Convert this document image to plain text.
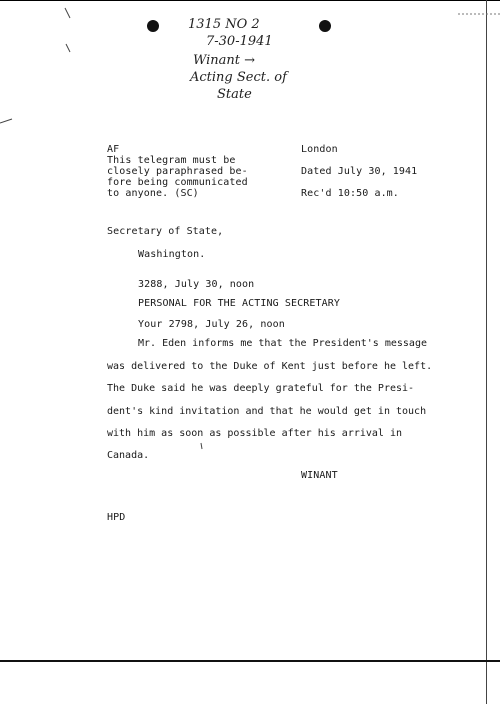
1315 NO 2
7-30-1941
Winant →
Acting Sect. of
State
AF
This telegram must be
closely paraphrased be-
fore being communicated
to anyone. (SC)
London
Dated July 30, 1941
Rec'd 10:50 a.m.
Secretary of State,
Washington.
3288, July 30, noon
PERSONAL FOR THE ACTING SECRETARY
Your 2798, July 26, noon
Mr. Eden informs me that the President's message
was delivered to the Duke of Kent just before he left.
The Duke said he was deeply grateful for the Presi-
dent's kind invitation and that he would get in touch
with him as soon as possible after his arrival in
Canada.
WINANT
HPD
